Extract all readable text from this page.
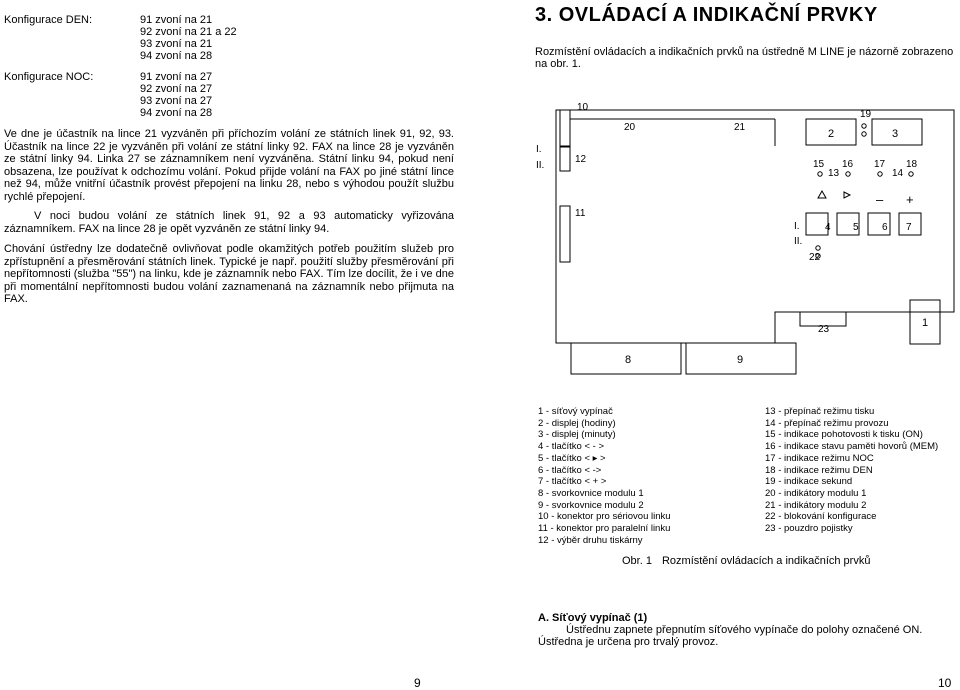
Konfigurace DEN:	91 zvoní na 21
92 zvoní na 21 a 22
93 zvoní na 21
94 zvoní na 28
Konfigurace NOC:	91 zvoní na 27
92 zvoní na 27
93 zvoní na 27
94 zvoní na 28
Ve dne je účastník na lince 21 vyzváněn při příchozím volání ze státních linek 91, 92, 93. Účastník na lince 22 je vyzváněn při volání ze státní linky 92. FAX na lince 28 je vyzváněn ze státní linky 94. Linka 27 se záznamníkem není vyzváněna. Státní linku 94, pokud není obsazena, lze používat k odchozímu volání. Pokud přijde volání na FAX po jiné státní lince než 94, může vnitřní účastník provést přepojení na linku 28, nebo s výhodou použít službu rychlé přepojení.
V noci budou volání ze státních linek 91, 92 a 93 automaticky vyřizována záznamníkem. FAX na lince 28 je opět vyzváněn ze státní linky 94.
Chování ústředny lze dodatečně ovlivňovat podle okamžitých potřeb použitím služeb pro zpřístupnění a přesměrování státních linek. Typické je např. použití služby přesměrování při nepřítomnosti (služba "55") na linku, kde je záznamník nebo FAX. Tím lze docílit, že i ve dne při momentální nepřítomnosti budou volání zaznamenaná na záznamník nebo přijmuta na FAX.
9
3. OVLÁDACÍ A INDIKAČNÍ PRVKY
Rozmístění ovládacích a indikačních prvků na ústředně M LINE je názorně zobrazeno na obr. 1.
10
20	21
19
2	3
I.
II.
12	15 16 17 18
13	14
– +
11
I.
II.
4 5 6 7
22
23
1
8	9
1 - síťový vypínač
2 - displej (hodiny)
3 - displej (minuty)
4 - tlačítko < - >
5 - tlačítko < ▸ >
6 - tlačítko < ->
7 - tlačítko < + >
8 - svorkovnice modulu 1
9 - svorkovnice modulu 2
10 - konektor pro sériovou linku
11 - konektor pro paralelní linku
12 - výběr druhu tiskárny
13 - přepínač režimu tisku
14 - přepínač režimu provozu
15 - indikace pohotovosti k tisku (ON)
16 - indikace stavu paměti hovorů (MEM)
17 - indikace režimu NOC
18 - indikace režimu DEN
19 - indikace sekund
20 - indikátory modulu 1
21 - indikátory modulu 2
22 - blokování konfigurace
23 - pouzdro pojistky
Obr. 1 Rozmístění ovládacích a indikačních prvků
A. Síťový vypínač (1)
Ústřednu zapnete přepnutím síťového vypínače do polohy označené ON. Ústředna je určena pro trvalý provoz.
10
